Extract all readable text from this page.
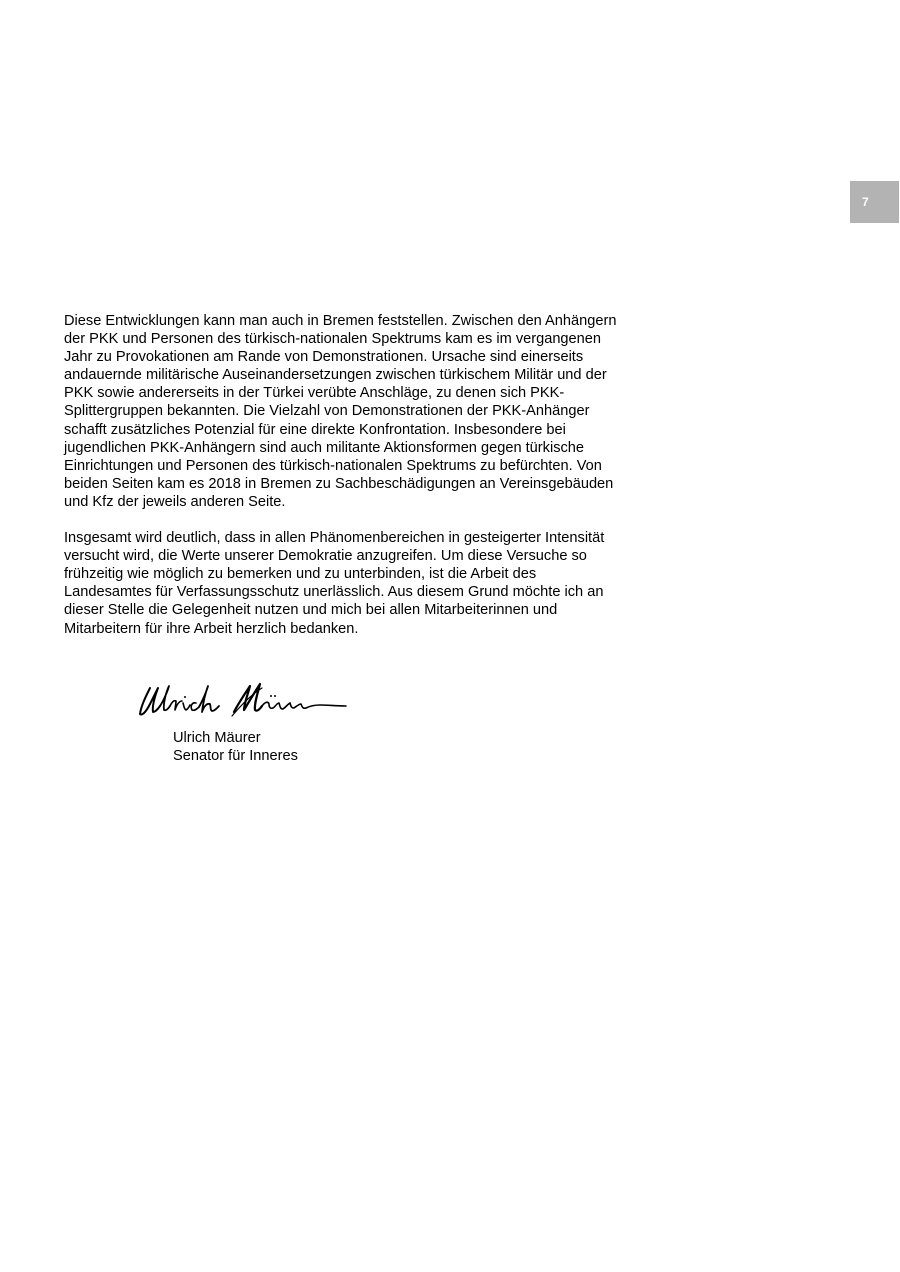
7

Diese Entwicklungen kann man auch in Bremen feststellen. Zwischen den Anhängern der PKK und Personen des türkisch-nationalen Spektrums kam es im vergangenen Jahr zu Provokationen am Rande von Demonstrationen. Ursache sind einerseits andauernde militärische Auseinandersetzungen zwischen türkischem Militär und der PKK sowie andererseits in der Türkei verübte Anschläge, zu denen sich PKK-Splittergruppen bekannten. Die Vielzahl von Demonstrationen der PKK-Anhänger schafft zusätzliches Potenzial für eine direkte Konfrontation. Insbesondere bei jugendlichen PKK-Anhängern sind auch militante Aktionsformen gegen türkische Einrichtungen und Personen des türkisch-nationalen Spektrums zu befürchten. Von beiden Seiten kam es 2018 in Bremen zu Sachbeschädigungen an Vereinsgebäuden und Kfz der jeweils anderen Seite.

Insgesamt wird deutlich, dass in allen Phänomenbereichen in gesteigerter Intensität versucht wird, die Werte unserer Demokratie anzugreifen. Um diese Versuche so frühzeitig wie möglich zu bemerken und zu unterbinden, ist die Arbeit des Landesamtes für Verfassungsschutz unerlässlich. Aus diesem Grund möchte ich an dieser Stelle die Gelegenheit nutzen und mich bei allen Mitarbeiterinnen und Mitarbeitern für ihre Arbeit herzlich bedanken.

Ulrich Mäurer
Senator für Inneres
